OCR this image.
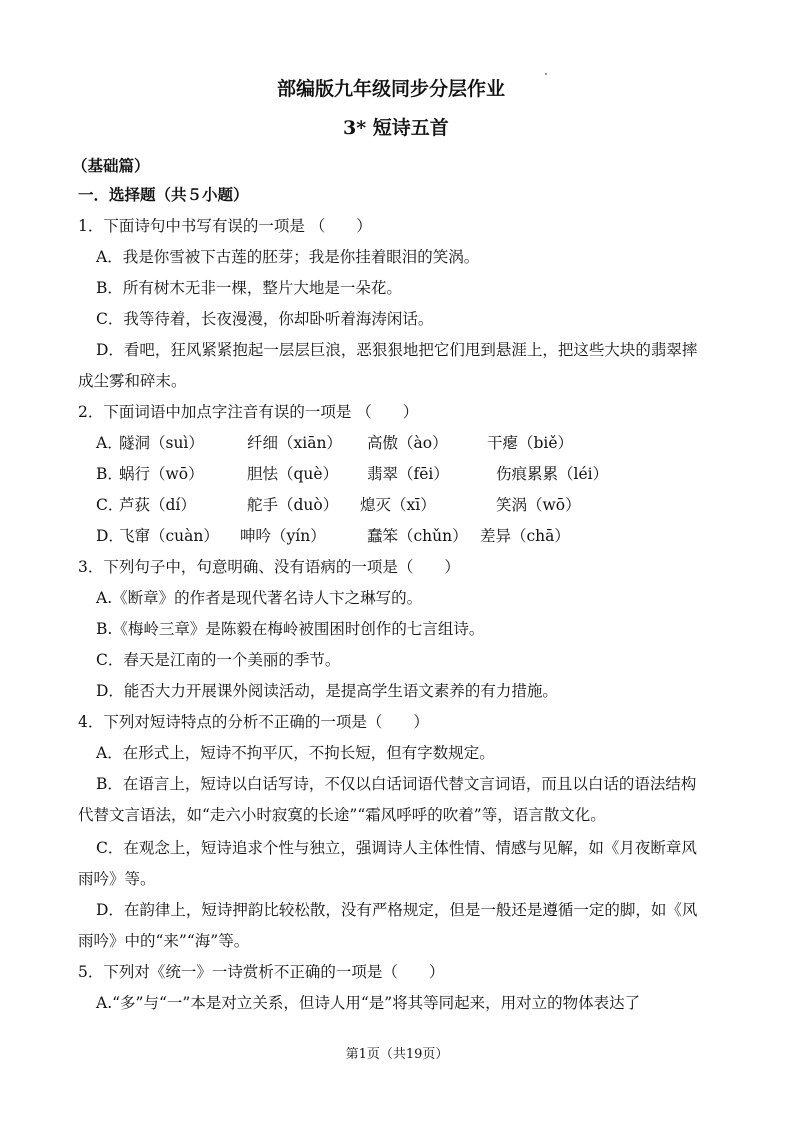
部编版九年级同步分层作业
3* 短诗五首
（基础篇）
一．选择题（共５小题）
1．下面诗句中书写有误的一项是 （　　）
A．我是你雪被下古莲的胚芽；我是你挂着眼泪的笑涡。
B．所有树木无非一棵，整片大地是一朵花。
C．我等待着，长夜漫漫，你却卧听着海涛闲话。
D．看吧，狂风紧紧抱起一层层巨浪，恶狠狠地把它们甩到悬涯上，把这些大块的翡翠摔
成尘雾和碎末。
2．下面词语中加点字注音有误的一项是 （　　）
A．
隧洞（suì）	纤细（xiān） 高傲（ào）	干瘪（biě）
B．
蜗行（wō）	胆怯（què） 翡翠（fēi）	伤痕累累（léi）
C．
芦荻（dí）	舵手（duò） 熄灭（xī）	笑涡（wō）
D．
飞窜（cuàn） 呻吟（yín）	蠢笨（chǔn） 差异（chā）
3．下列句子中，句意明确、没有语病的一项是（　　）
A.《断章》的作者是现代著名诗人卞之琳写的。
B.《梅岭三章》是陈毅在梅岭被围困时创作的七言组诗。
C．春天是江南的一个美丽的季节。
D．能否大力开展课外阅读活动，是提高学生语文素养的有力措施。
4．下列对短诗特点的分析不正确的一项是（　　）
A．在形式上，短诗不拘平仄，不拘长短，但有字数规定。
B．在语言上，短诗以白话写诗，不仅以白话词语代替文言词语，而且以白话的语法结构
代替文言语法，如“走六小时寂寞的长途”“霜风呼呼的吹着”等，语言散文化。
C．在观念上，短诗追求个性与独立，强调诗人主体性情、情感与见解，如《月夜断章风
雨吟》等。
D．在韵律上，短诗押韵比较松散，没有严格规定，但是一般还是遵循一定的脚，如《风
雨吟》中的“来”“海”等。
5．下列对《统一》一诗赏析不正确的一项是（　　）
A.“多”与“一”本是对立关系，但诗人用“是”将其等同起来，用对立的物体表达了
第1页（共19页）
